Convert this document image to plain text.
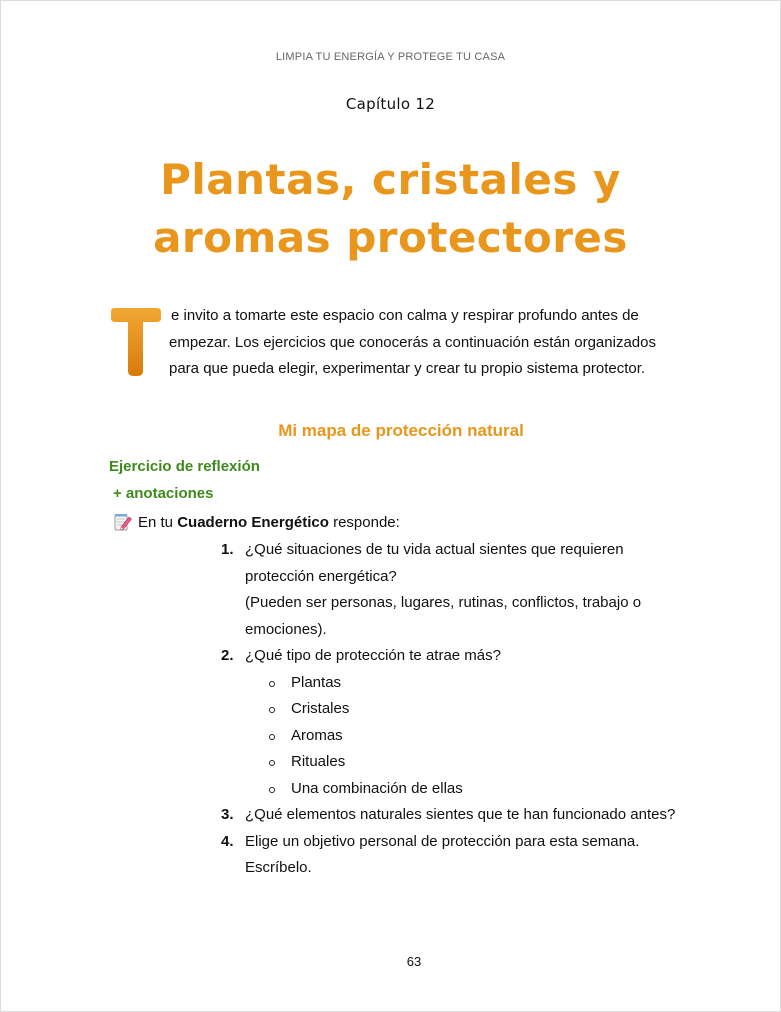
LIMPIA TU ENERGÍA Y PROTEGE TU CASA
Capítulo 12
Plantas, cristales y
aromas protectores
T
e invito a tomarte este espacio con calma y respirar profundo antes de
empezar. Los ejercicios que conocerás a continuación están organizados
para que pueda elegir, experimentar y crear tu propio sistema protector.
Mi mapa de protección natural
Ejercicio de reflexión
+ anotaciones
En tu Cuaderno Energético responde:
1. ¿Qué situaciones de tu vida actual sientes que requieren
protección energética?
(Pueden ser personas, lugares, rutinas, conflictos, trabajo o
emociones).
2. ¿Qué tipo de protección te atrae más?
Plantas
Cristales
Aromas
Rituales
Una combinación de ellas
3. ¿Qué elementos naturales sientes que te han funcionado antes?
4. Elige un objetivo personal de protección para esta semana.
Escríbelo.
63
